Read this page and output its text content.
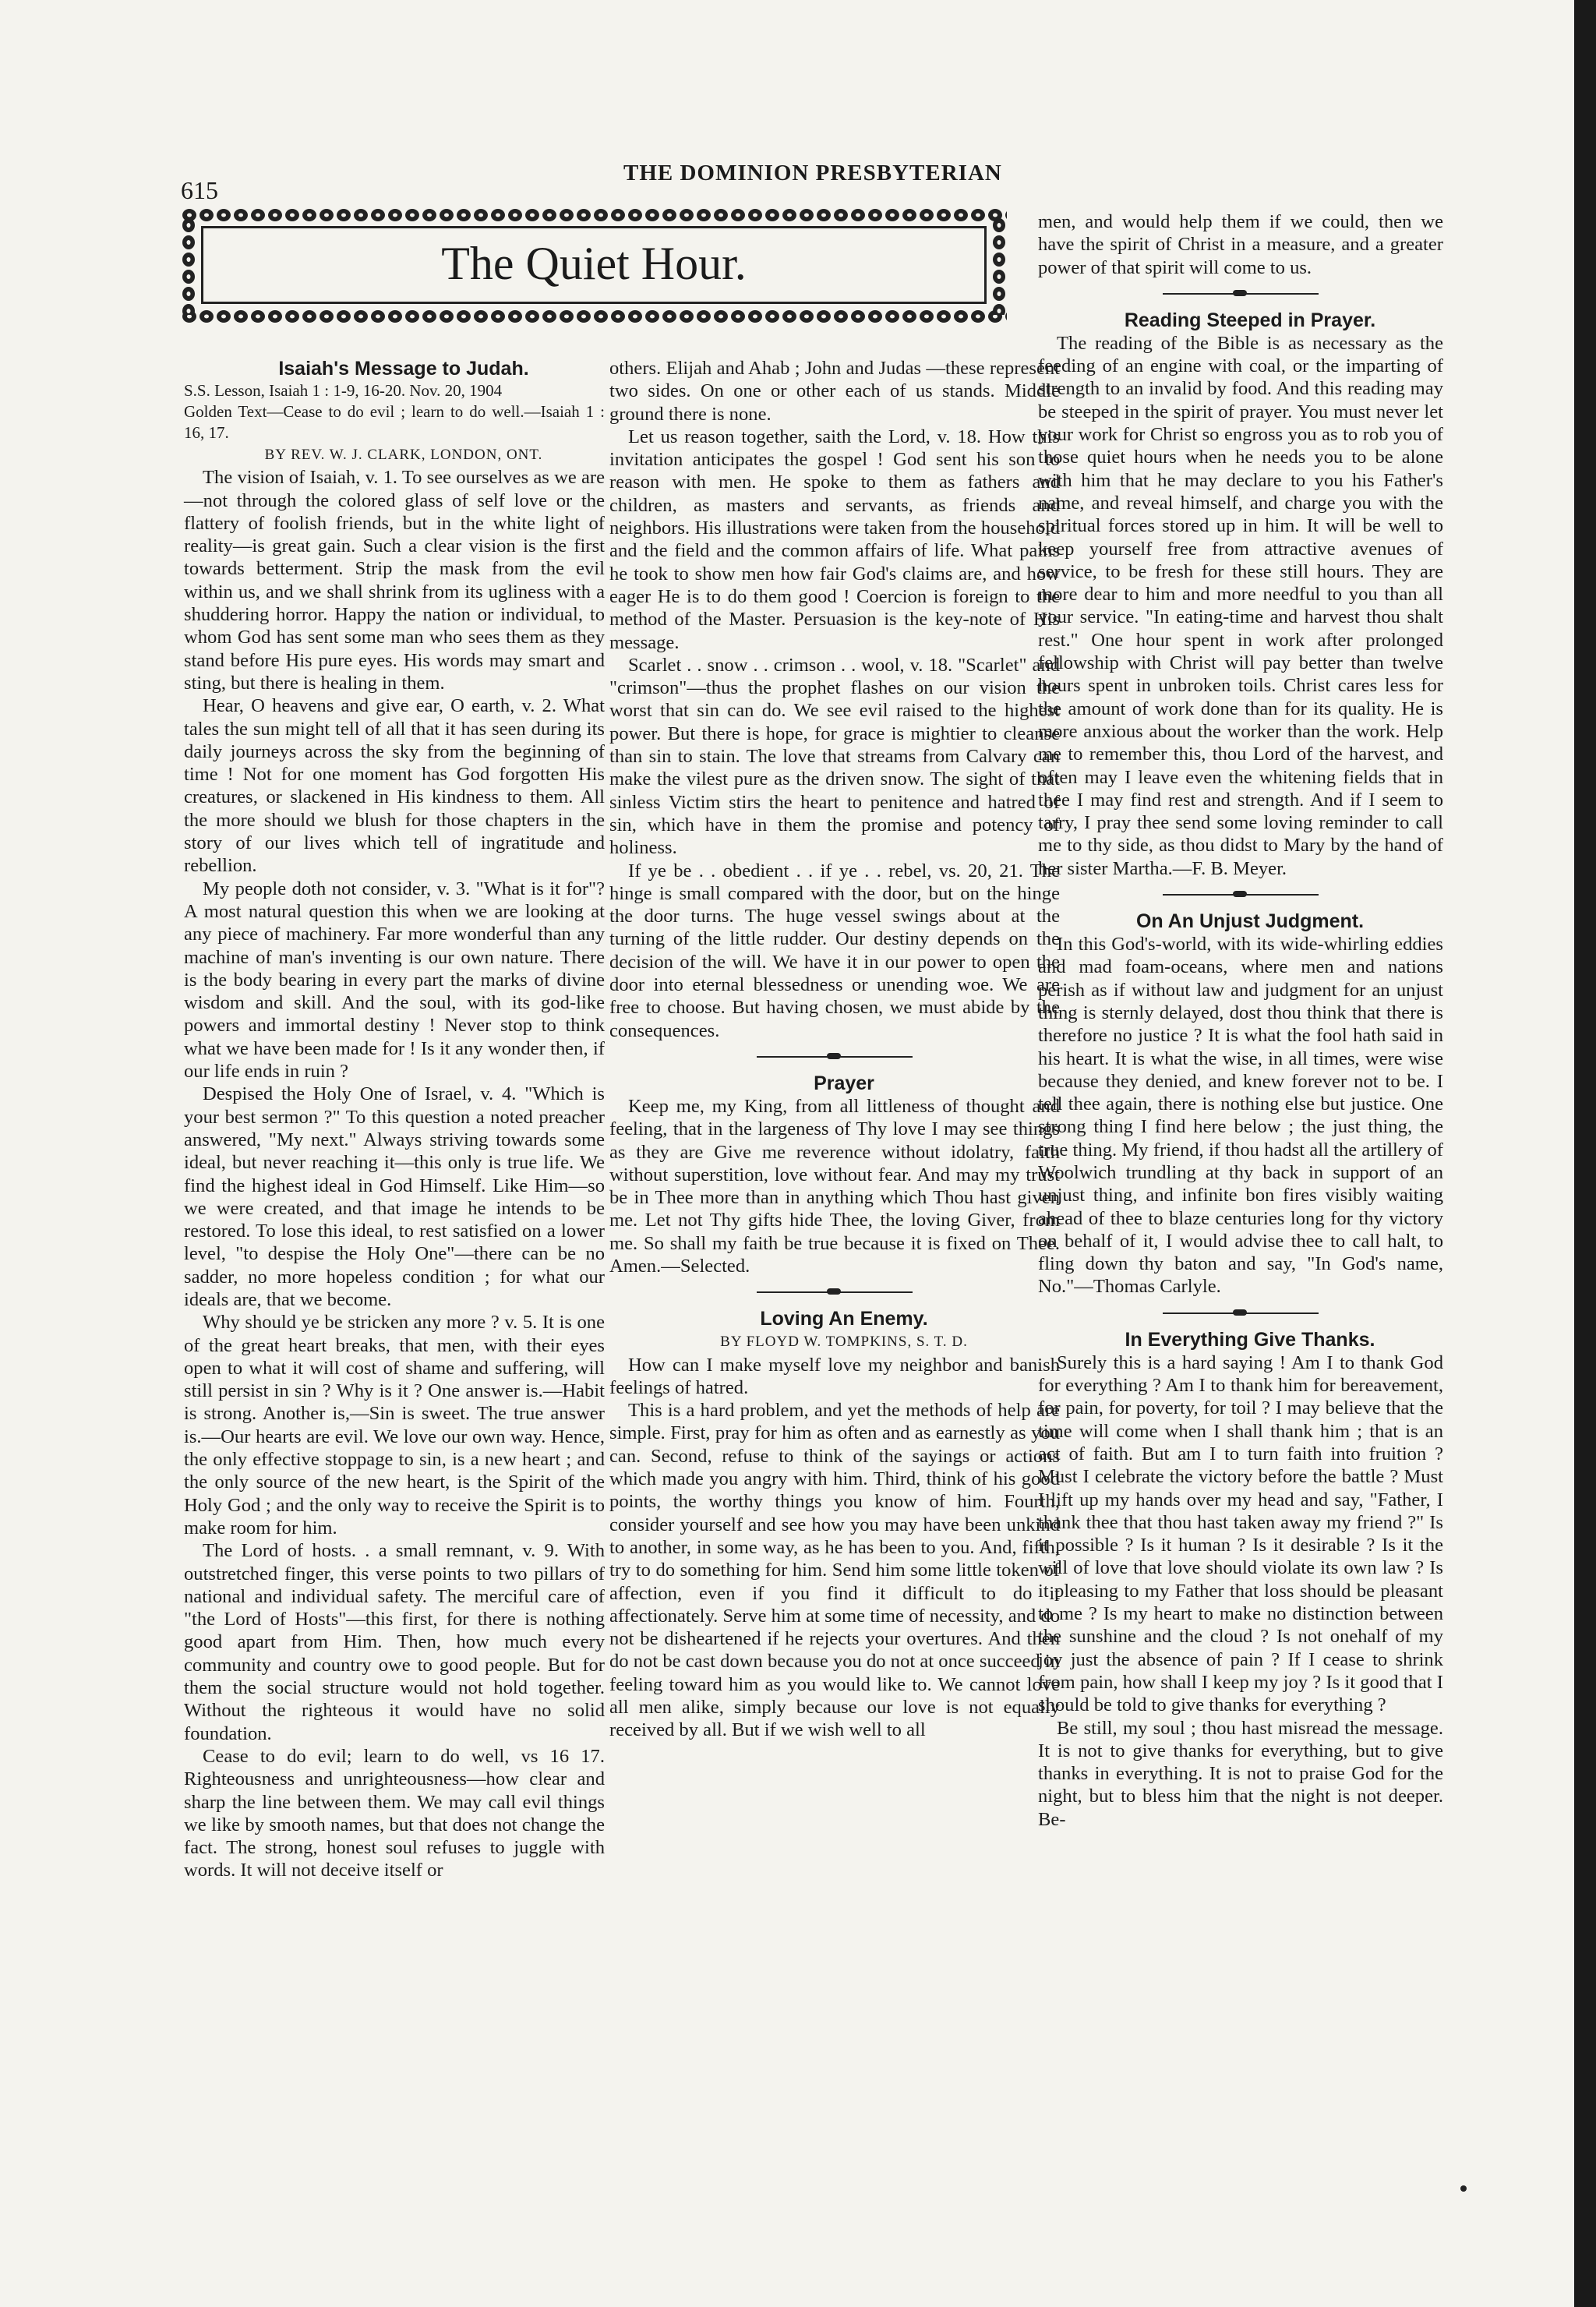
615
THE DOMINION PRESBYTERIAN
The Quiet Hour.

Isaiah's Message to Judah.

S.S. Lesson, Isaiah 1 : 1-9, 16-20. Nov. 20, 1904

Golden Text—Cease to do evil ; learn to do well.—Isaiah 1 : 16, 17.

BY REV. W. J. CLARK, LONDON, ONT.

The vision of Isaiah, v. 1. To see ourselves as we are—not through the colored glass of self love or the flattery of foolish friends, but in the white light of reality—is great gain. Such a clear vision is the first towards betterment. Strip the mask from the evil within us, and we shall shrink from its ugliness with a shuddering horror. Happy the nation or individual, to whom God has sent some man who sees them as they stand before His pure eyes. His words may smart and sting, but there is healing in them.

Hear, O heavens and give ear, O earth, v. 2. What tales the sun might tell of all that it has seen during its daily journeys across the sky from the beginning of time ! Not for one moment has God forgotten His creatures, or slackened in His kindness to them. All the more should we blush for those chapters in the story of our lives which tell of ingratitude and rebellion.

My people doth not consider, v. 3. "What is it for"? A most natural question this when we are looking at any piece of machinery. Far more wonderful than any machine of man's inventing is our own nature. There is the body bearing in every part the marks of divine wisdom and skill. And the soul, with its god-like powers and immortal destiny ! Never stop to think what we have been made for ! Is it any wonder then, if our life ends in ruin ?

Despised the Holy One of Israel, v. 4. "Which is your best sermon ?" To this question a noted preacher answered, "My next." Always striving towards some ideal, but never reaching it—this only is true life. We find the highest ideal in God Himself. Like Him—so we were created, and that image he intends to be restored. To lose this ideal, to rest satisfied on a lower level, "to despise the Holy One"—there can be no sadder, no more hopeless condition ; for what our ideals are, that we become.

Why should ye be stricken any more ? v. 5. It is one of the great heart breaks, that men, with their eyes open to what it will cost of shame and suffering, will still persist in sin ? Why is it ? One answer is.—Habit is strong. Another is,—Sin is sweet. The true answer is.—Our hearts are evil. We love our own way. Hence, the only effective stoppage to sin, is a new heart ; and the only source of the new heart, is the Spirit of the Holy God ; and the only way to receive the Spirit is to make room for him.

The Lord of hosts. . a small remnant, v. 9. With outstretched finger, this verse points to two pillars of national and individual safety. The merciful care of "the Lord of Hosts"—this first, for there is nothing good apart from Him. Then, how much every community and country owe to good people. But for them the social structure would not hold together. Without the righteous it would have no solid foundation.

Cease to do evil; learn to do well, vs 16 17. Righteousness and unrighteousness—how clear and sharp the line between them. We may call evil things we like by smooth names, but that does not change the fact. The strong, honest soul refuses to juggle with words. It will not deceive itself or

others. Elijah and Ahab ; John and Judas —these represent two sides. On one or other each of us stands. Middle ground there is none.

Let us reason together, saith the Lord, v. 18. How this invitation anticipates the gospel ! God sent his son to reason with men. He spoke to them as fathers and children, as masters and servants, as friends and neighbors. His illustrations were taken from the household and the field and the common affairs of life. What pains he took to show men how fair God's claims are, and how eager He is to do them good ! Coercion is foreign to the method of the Master. Persuasion is the key-note of His message.

Scarlet . . snow . . crimson . . wool, v. 18. "Scarlet" and "crimson"—thus the prophet flashes on our vision the worst that sin can do. We see evil raised to the highest power. But there is hope, for grace is mightier to cleanse than sin to stain. The love that streams from Calvary can make the vilest pure as the driven snow. The sight of that sinless Victim stirs the heart to penitence and hatred of sin, which have in them the promise and potency of holiness.

If ye be . . obedient . . if ye . . rebel, vs. 20, 21. The hinge is small compared with the door, but on the hinge the door turns. The huge vessel swings about at the turning of the little rudder. Our destiny depends on the decision of the will. We have it in our power to open the door into eternal blessedness or unending woe. We are free to choose. But having chosen, we must abide by the consequences.

Prayer

Keep me, my King, from all littleness of thought and feeling, that in the largeness of Thy love I may see things as they are Give me reverence without idolatry, faith without superstition, love without fear. And may my trust be in Thee more than in anything which Thou hast given me. Let not Thy gifts hide Thee, the loving Giver, from me. So shall my faith be true because it is fixed on Thee. Amen.—Selected.

Loving An Enemy.

BY FLOYD W. TOMPKINS, S. T. D.

How can I make myself love my neighbor and banish feelings of hatred.

This is a hard problem, and yet the methods of help are simple. First, pray for him as often and as earnestly as you can. Second, refuse to think of the sayings or actions which made you angry with him. Third, think of his good points, the worthy things you know of him. Fourth, consider yourself and see how you may have been unkind to another, in some way, as he has been to you. And, fifth, try to do something for him. Send him some little token of affection, even if you find it difficult to do it affectionately. Serve him at some time of necessity, and do not be disheartened if he rejects your overtures. And then do not be cast down because you do not at once succeed in feeling toward him as you would like to. We cannot love all men alike, simply because our love is not equally received by all. But if we wish well to all

men, and would help them if we could, then we have the spirit of Christ in a measure, and a greater power of that spirit will come to us.

Reading Steeped in Prayer.

The reading of the Bible is as necessary as the feeding of an engine with coal, or the imparting of strength to an invalid by food. And this reading may be steeped in the spirit of prayer. You must never let your work for Christ so engross you as to rob you of those quiet hours when he needs you to be alone with him that he may declare to you his Father's name, and reveal himself, and charge you with the spiritual forces stored up in him. It will be well to keep yourself free from attractive avenues of service, to be fresh for these still hours. They are more dear to him and more needful to you than all your service. "In eating-time and harvest thou shalt rest." One hour spent in work after prolonged fellowship with Christ will pay better than twelve hours spent in unbroken toils. Christ cares less for the amount of work done than for its quality. He is more anxious about the worker than the work. Help me to remember this, thou Lord of the harvest, and often may I leave even the whitening fields that in thee I may find rest and strength. And if I seem to tarry, I pray thee send some loving reminder to call me to thy side, as thou didst to Mary by the hand of her sister Martha.—F. B. Meyer.

On An Unjust Judgment.

In this God's-world, with its wide-whirling eddies and mad foam-oceans, where men and nations perish as if without law and judgment for an unjust thing is sternly delayed, dost thou think that there is therefore no justice ? It is what the fool hath said in his heart. It is what the wise, in all times, were wise because they denied, and knew forever not to be. I tell thee again, there is nothing else but justice. One strong thing I find here below ; the just thing, the true thing. My friend, if thou hadst all the artillery of Woolwich trundling at thy back in support of an unjust thing, and infinite bon fires visibly waiting ahead of thee to blaze centuries long for thy victory on behalf of it, I would advise thee to call halt, to fling down thy baton and say, "In God's name, No."—Thomas Carlyle.

In Everything Give Thanks.

Surely this is a hard saying ! Am I to thank God for everything ? Am I to thank him for bereavement, for pain, for poverty, for toil ? I may believe that the time will come when I shall thank him ; that is an act of faith. But am I to turn faith into fruition ? Must I celebrate the victory before the battle ? Must I lift up my hands over my head and say, "Father, I thank thee that thou hast taken away my friend ?" Is it possible ? Is it human ? Is it desirable ? Is it the will of love that love should violate its own law ? Is it pleasing to my Father that loss should be pleasant to me ? Is my heart to make no distinction between the sunshine and the cloud ? Is not onehalf of my joy just the absence of pain ? If I cease to shrink from pain, how shall I keep my joy ? Is it good that I should be told to give thanks for everything ?

Be still, my soul ; thou hast misread the message. It is not to give thanks for everything, but to give thanks in everything. It is not to praise God for the night, but to bless him that the night is not deeper. Be-
